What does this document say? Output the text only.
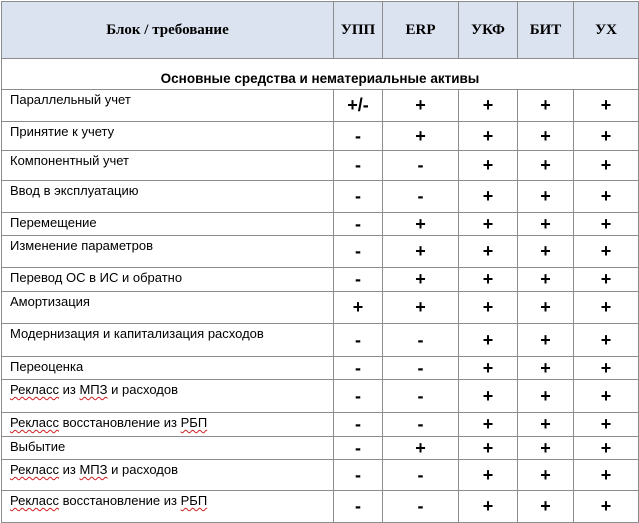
Блок / требование	УПП	ERP	УКФ	БИТ	УХ
Основные средства и нематериальные активы					
Параллельный учет	+/-	+	+	+	+
Принятие к учету	-	+	+	+	+
Компонентный учет	-	-	+	+	+
Ввод в эксплуатацию	-	-	+	+	+
Перемещение	-	+	+	+	+
Изменение параметров	-	+	+	+	+
Перевод ОС в ИС и обратно	-	+	+	+	+
Амортизация	+	+	+	+	+
Модернизация и капитализация расходов	-	-	+	+	+
Переоценка	-	-	+	+	+
Рекласс из МПЗ и расходов	-	-	+	+	+
Рекласс восстановление из РБП	-	-	+	+	+
Выбытие	-	+	+	+	+
Рекласс из МПЗ и расходов	-	-	+	+	+
Рекласс восстановление из РБП	-	-	+	+	+
